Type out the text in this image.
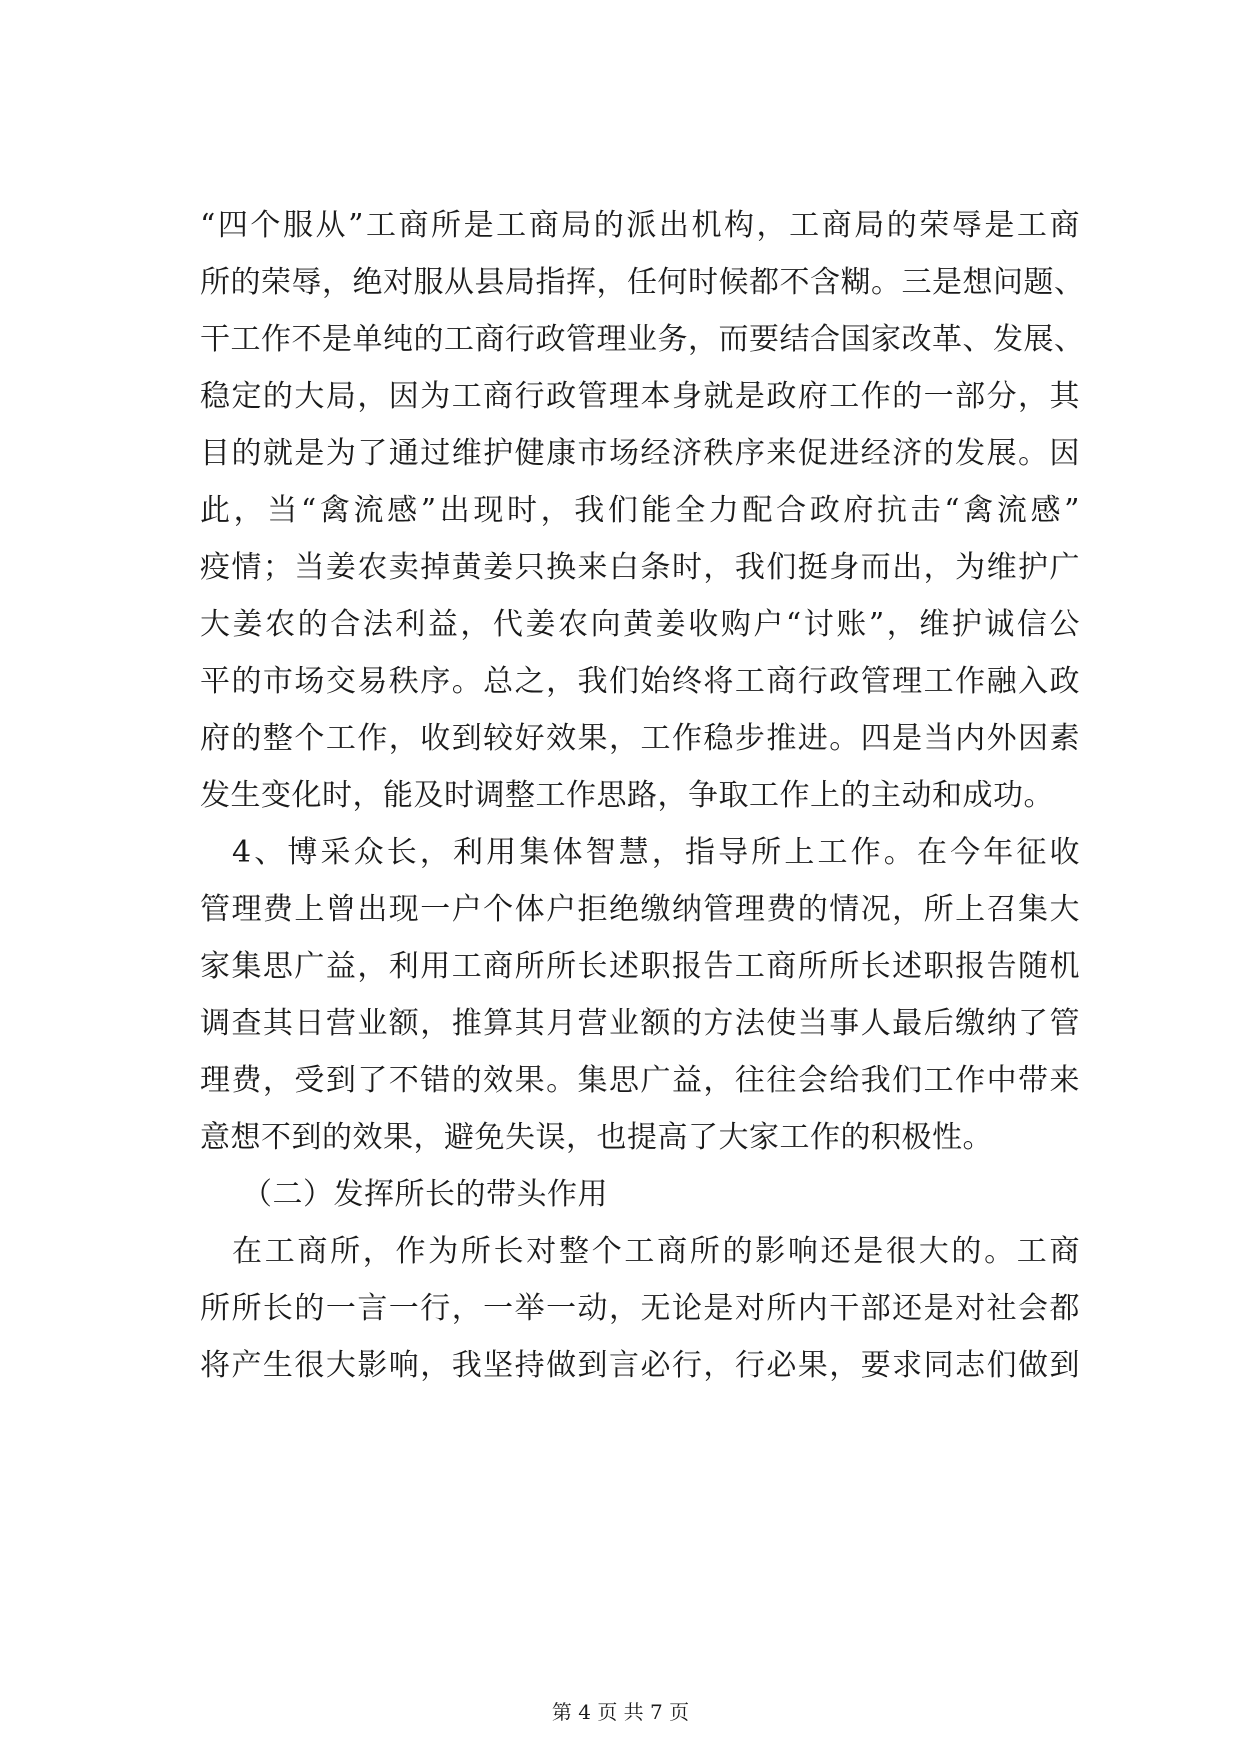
“四个服从”工商所是工商局的派出机构，工商局的荣辱是工商
所的荣辱，绝对服从县局指挥，任何时候都不含糊。三是想问题、
干工作不是单纯的工商行政管理业务，而要结合国家改革、发展、
稳定的大局，因为工商行政管理本身就是政府工作的一部分，其
目的就是为了通过维护健康市场经济秩序来促进经济的发展。因
此，当“禽流感”出现时，我们能全力配合政府抗击“禽流感”
疫情；当姜农卖掉黄姜只换来白条时，我们挺身而出，为维护广
大姜农的合法利益，代姜农向黄姜收购户“讨账”，维护诚信公
平的市场交易秩序。总之，我们始终将工商行政管理工作融入政
府的整个工作，收到较好效果，工作稳步推进。四是当内外因素
发生变化时，能及时调整工作思路，争取工作上的主动和成功。
4、博采众长，利用集体智慧，指导所上工作。在今年征收
管理费上曾出现一户个体户拒绝缴纳管理费的情况，所上召集大
家集思广益，利用工商所所长述职报告工商所所长述职报告随机
调查其日营业额，推算其月营业额的方法使当事人最后缴纳了管
理费，受到了不错的效果。集思广益，往往会给我们工作中带来
意想不到的效果，避免失误，也提高了大家工作的积极性。
（二）发挥所长的带头作用
在工商所，作为所长对整个工商所的影响还是很大的。工商
所所长的一言一行，一举一动，无论是对所内干部还是对社会都
将产生很大影响，我坚持做到言必行，行必果，要求同志们做到
第 4 页 共 7 页
